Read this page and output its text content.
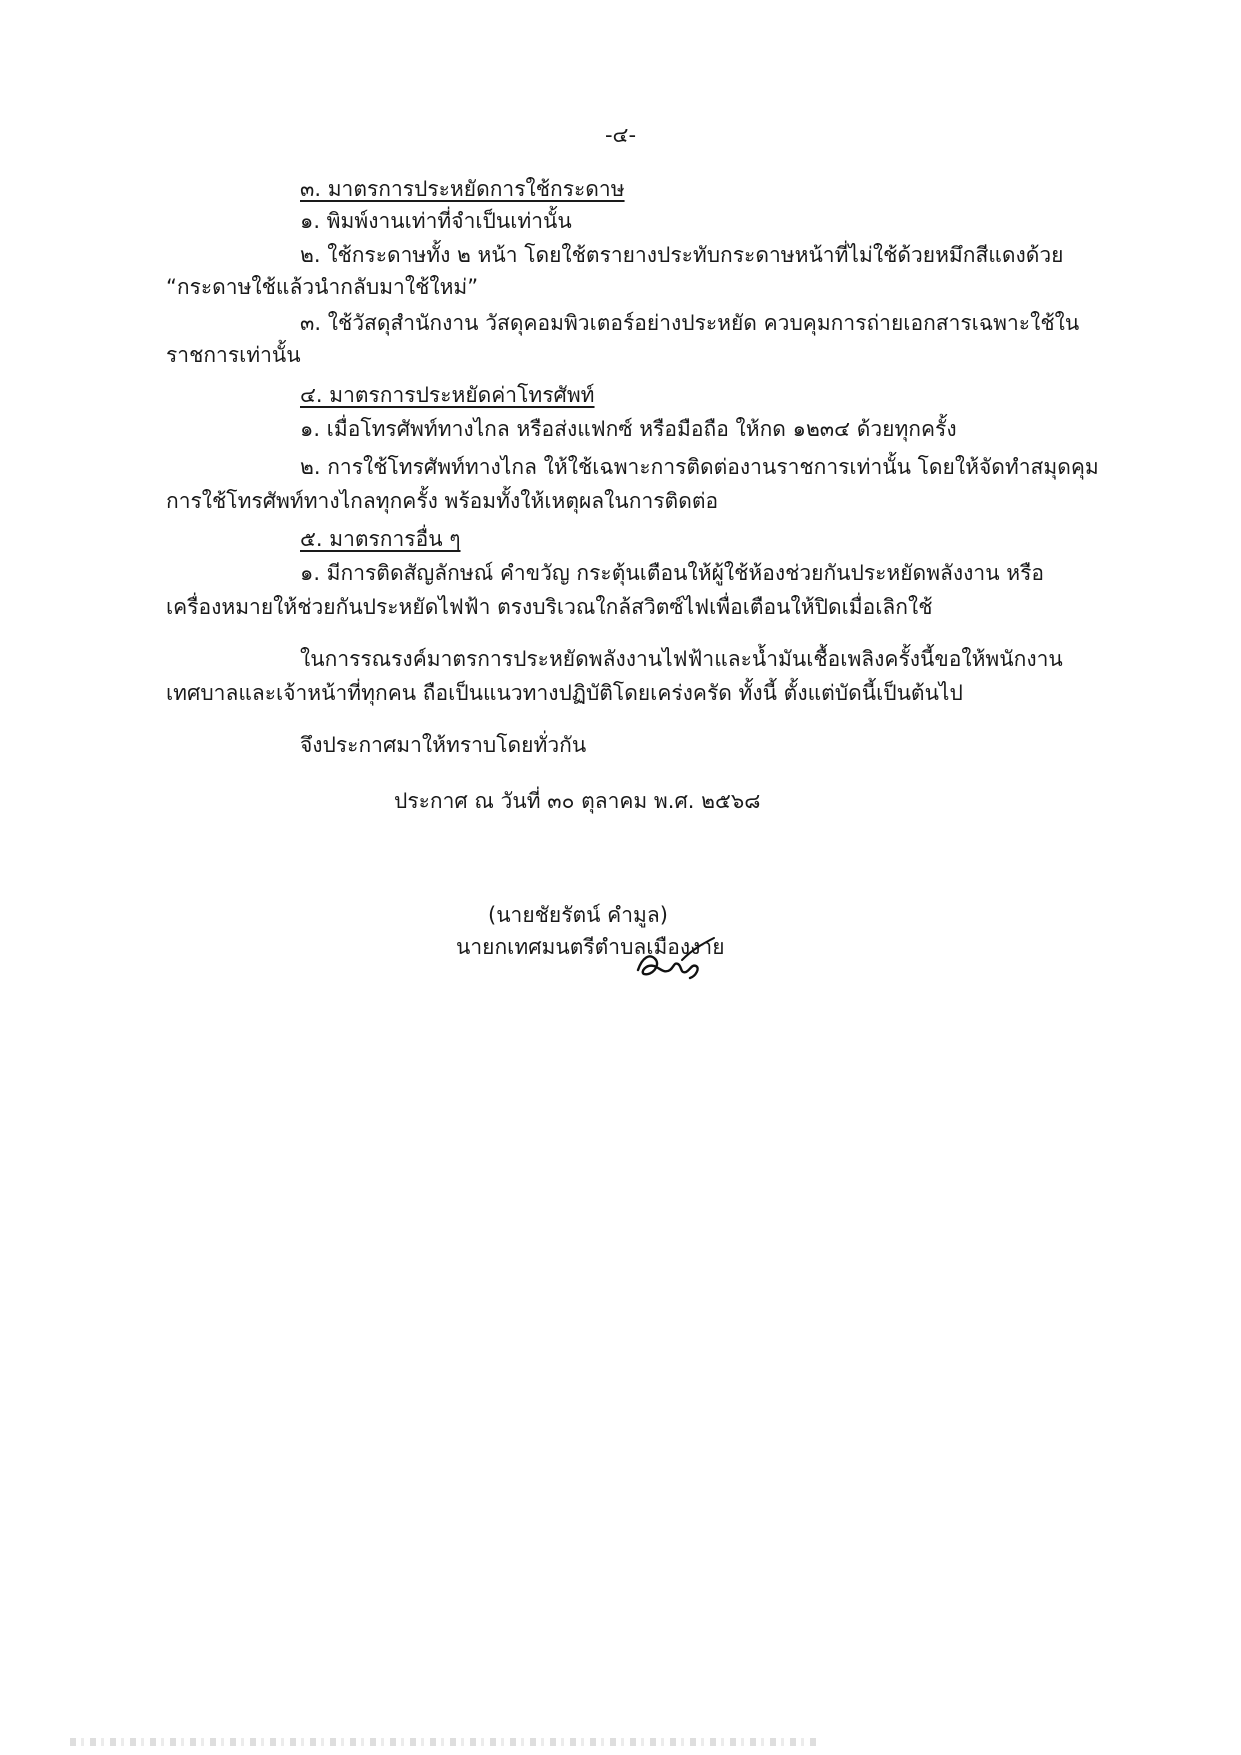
-๔-
๓. มาตรการประหยัดการใช้กระดาษ
๑. พิมพ์งานเท่าที่จำเป็นเท่านั้น
๒. ใช้กระดาษทั้ง ๒ หน้า โดยใช้ตรายางประทับกระดาษหน้าที่ไม่ใช้ด้วยหมึกสีแดงด้วย
“กระดาษใช้แล้วนำกลับมาใช้ใหม่”
๓. ใช้วัสดุสำนักงาน วัสดุคอมพิวเตอร์อย่างประหยัด ควบคุมการถ่ายเอกสารเฉพาะใช้ใน
ราชการเท่านั้น
๔. มาตรการประหยัดค่าโทรศัพท์
๑. เมื่อโทรศัพท์ทางไกล หรือส่งแฟกซ์ หรือมือถือ ให้กด ๑๒๓๔ ด้วยทุกครั้ง
๒. การใช้โทรศัพท์ทางไกล ให้ใช้เฉพาะการติดต่องานราชการเท่านั้น โดยให้จัดทำสมุดคุม
การใช้โทรศัพท์ทางไกลทุกครั้ง พร้อมทั้งให้เหตุผลในการติดต่อ
๕. มาตรการอื่น ๆ
๑. มีการติดสัญลักษณ์ คำขวัญ กระตุ้นเตือนให้ผู้ใช้ห้องช่วยกันประหยัดพลังงาน หรือ
เครื่องหมายให้ช่วยกันประหยัดไฟฟ้า ตรงบริเวณใกล้สวิตซ์ไฟเพื่อเตือนให้ปิดเมื่อเลิกใช้
ในการรณรงค์มาตรการประหยัดพลังงานไฟฟ้าและน้ำมันเชื้อเพลิงครั้งนี้ขอให้พนักงาน
เทศบาลและเจ้าหน้าที่ทุกคน ถือเป็นแนวทางปฏิบัติโดยเคร่งครัด ทั้งนี้ ตั้งแต่บัดนี้เป็นต้นไป
จึงประกาศมาให้ทราบโดยทั่วกัน
ประกาศ ณ วันที่ ๓๐ ตุลาคม พ.ศ. ๒๕๖๘
(นายชัยรัตน์ คำมูล)
นายกเทศมนตรีตำบลเมืองงาย
